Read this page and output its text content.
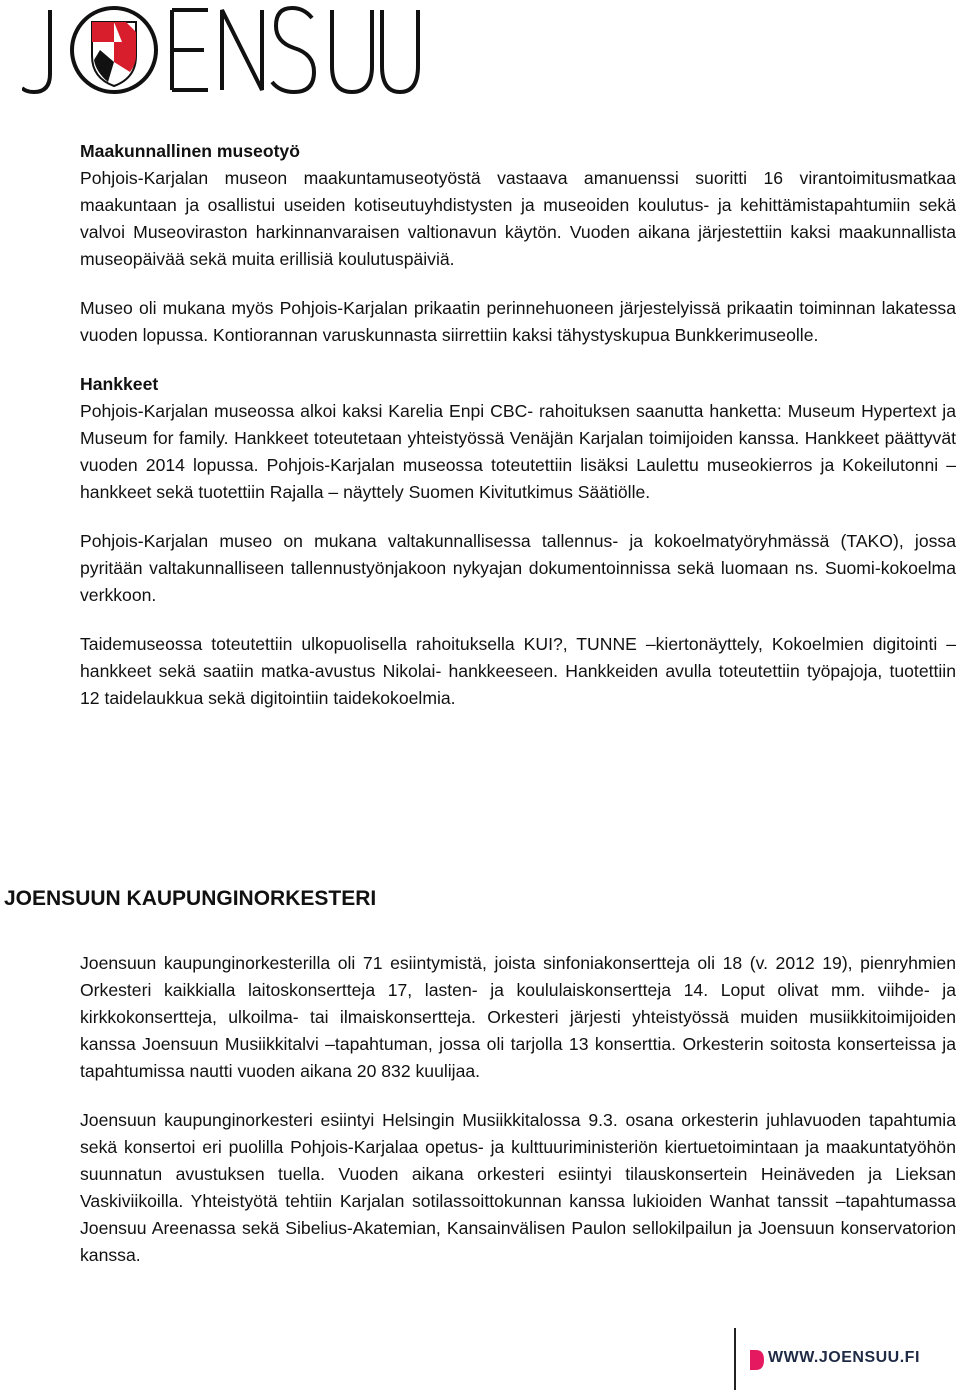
Maakunnallinen museotyö

Pohjois-Karjalan museon maakuntamuseotyöstä vastaava amanuenssi suoritti 16 virantoimitusmatkaa maakuntaan ja osallistui useiden kotiseutuyhdistysten ja museoiden koulutus- ja kehittämistapahtumiin sekä valvoi Museoviraston harkinnanvaraisen valtionavun käytön. Vuoden aikana järjestettiin kaksi maakunnallista museopäivää sekä muita erillisiä koulutuspäiviä.

Museo oli mukana myös Pohjois-Karjalan prikaatin perinnehuoneen järjestelyissä prikaatin toiminnan lakatessa vuoden lopussa. Kontiorannan varuskunnasta siirrettiin kaksi tähystyskupua Bunkkerimuseolle.

Hankkeet

Pohjois-Karjalan museossa alkoi kaksi Karelia Enpi CBC- rahoituksen saanutta hanketta: Museum Hypertext ja Museum for family. Hankkeet toteutetaan yhteistyössä Venäjän Karjalan toimijoiden kanssa. Hankkeet päättyvät vuoden 2014 lopussa. Pohjois-Karjalan museossa toteutettiin lisäksi Laulettu museokierros ja Kokeilutonni –hankkeet sekä tuotettiin Rajalla – näyttely Suomen Kivitutkimus Säätiölle.

Pohjois-Karjalan museo on mukana valtakunnallisessa tallennus- ja kokoelmatyöryhmässä (TAKO), jossa pyritään valtakunnalliseen tallennustyönjakoon nykyajan dokumentoinnissa sekä luomaan ns. Suomi-kokoelma verkkoon.

Taidemuseossa toteutettiin ulkopuolisella rahoituksella KUI?, TUNNE –kiertonäyttely, Kokoelmien digitointi –hankkeet sekä saatiin matka-avustus Nikolai- hankkeeseen. Hankkeiden avulla toteutettiin työpajoja, tuotettiin 12 taidelaukkua sekä digitointiin taidekokoelmia.

JOENSUUN KAUPUNGINORKESTERI

Joensuun kaupunginorkesterilla oli 71 esiintymistä, joista sinfoniakonsertteja oli 18 (v. 2012 19), pienryhmien Orkesteri kaikkialla laitoskonsertteja 17, lasten- ja koululaiskonsertteja 14. Loput olivat mm. viihde- ja kirkkokonsertteja, ulkoilma- tai ilmaiskonsertteja. Orkesteri järjesti yhteistyössä muiden musiikkitoimijoiden kanssa Joensuun Musiikkitalvi –tapahtuman, jossa oli tarjolla 13 konserttia. Orkesterin soitosta konserteissa ja tapahtumissa nautti vuoden aikana 20 832 kuulijaa.

Joensuun kaupunginorkesteri esiintyi Helsingin Musiikkitalossa 9.3. osana orkesterin juhlavuoden tapahtumia sekä konsertoi eri puolilla Pohjois-Karjalaa opetus- ja kulttuuriministeriön kiertuetoimintaan ja maakuntatyöhön suunnatun avustuksen tuella. Vuoden aikana orkesteri esiintyi tilauskonsertein Heinäveden ja Lieksan Vaskiviikoilla. Yhteistyötä tehtiin Karjalan sotilassoittokunnan kanssa lukioiden Wanhat tanssit –tapahtumassa Joensuu Areenassa sekä Sibelius-Akatemian, Kansainvälisen Paulon sellokilpailun ja Joensuun konservatorion kanssa.

WWW.JOENSUU.FI
